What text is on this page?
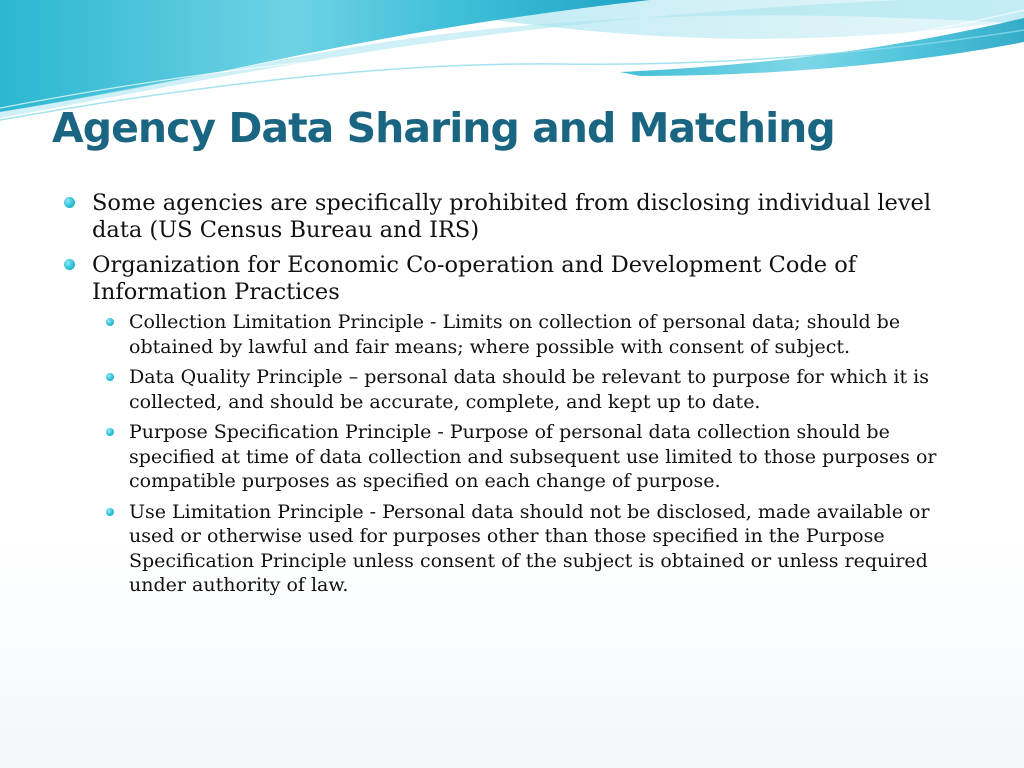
Agency Data Sharing and Matching
Some agencies are specifically prohibited from disclosing individual level data (US Census Bureau and IRS)
Organization for Economic Co-operation and Development Code of Information Practices
Collection Limitation Principle - Limits on collection of personal data; should be obtained by lawful and fair means; where possible with consent of subject.
Data Quality Principle – personal data should be relevant to purpose for which it is collected, and should be accurate, complete, and kept up to date.
Purpose Specification Principle - Purpose of personal data collection should be specified at time of data collection and subsequent use limited to those purposes or compatible purposes as specified on each change of purpose.
Use Limitation Principle - Personal data should not be disclosed, made available or used or otherwise used for purposes other than those specified in the Purpose Specification Principle unless consent of the subject is obtained or unless required under authority of law.
